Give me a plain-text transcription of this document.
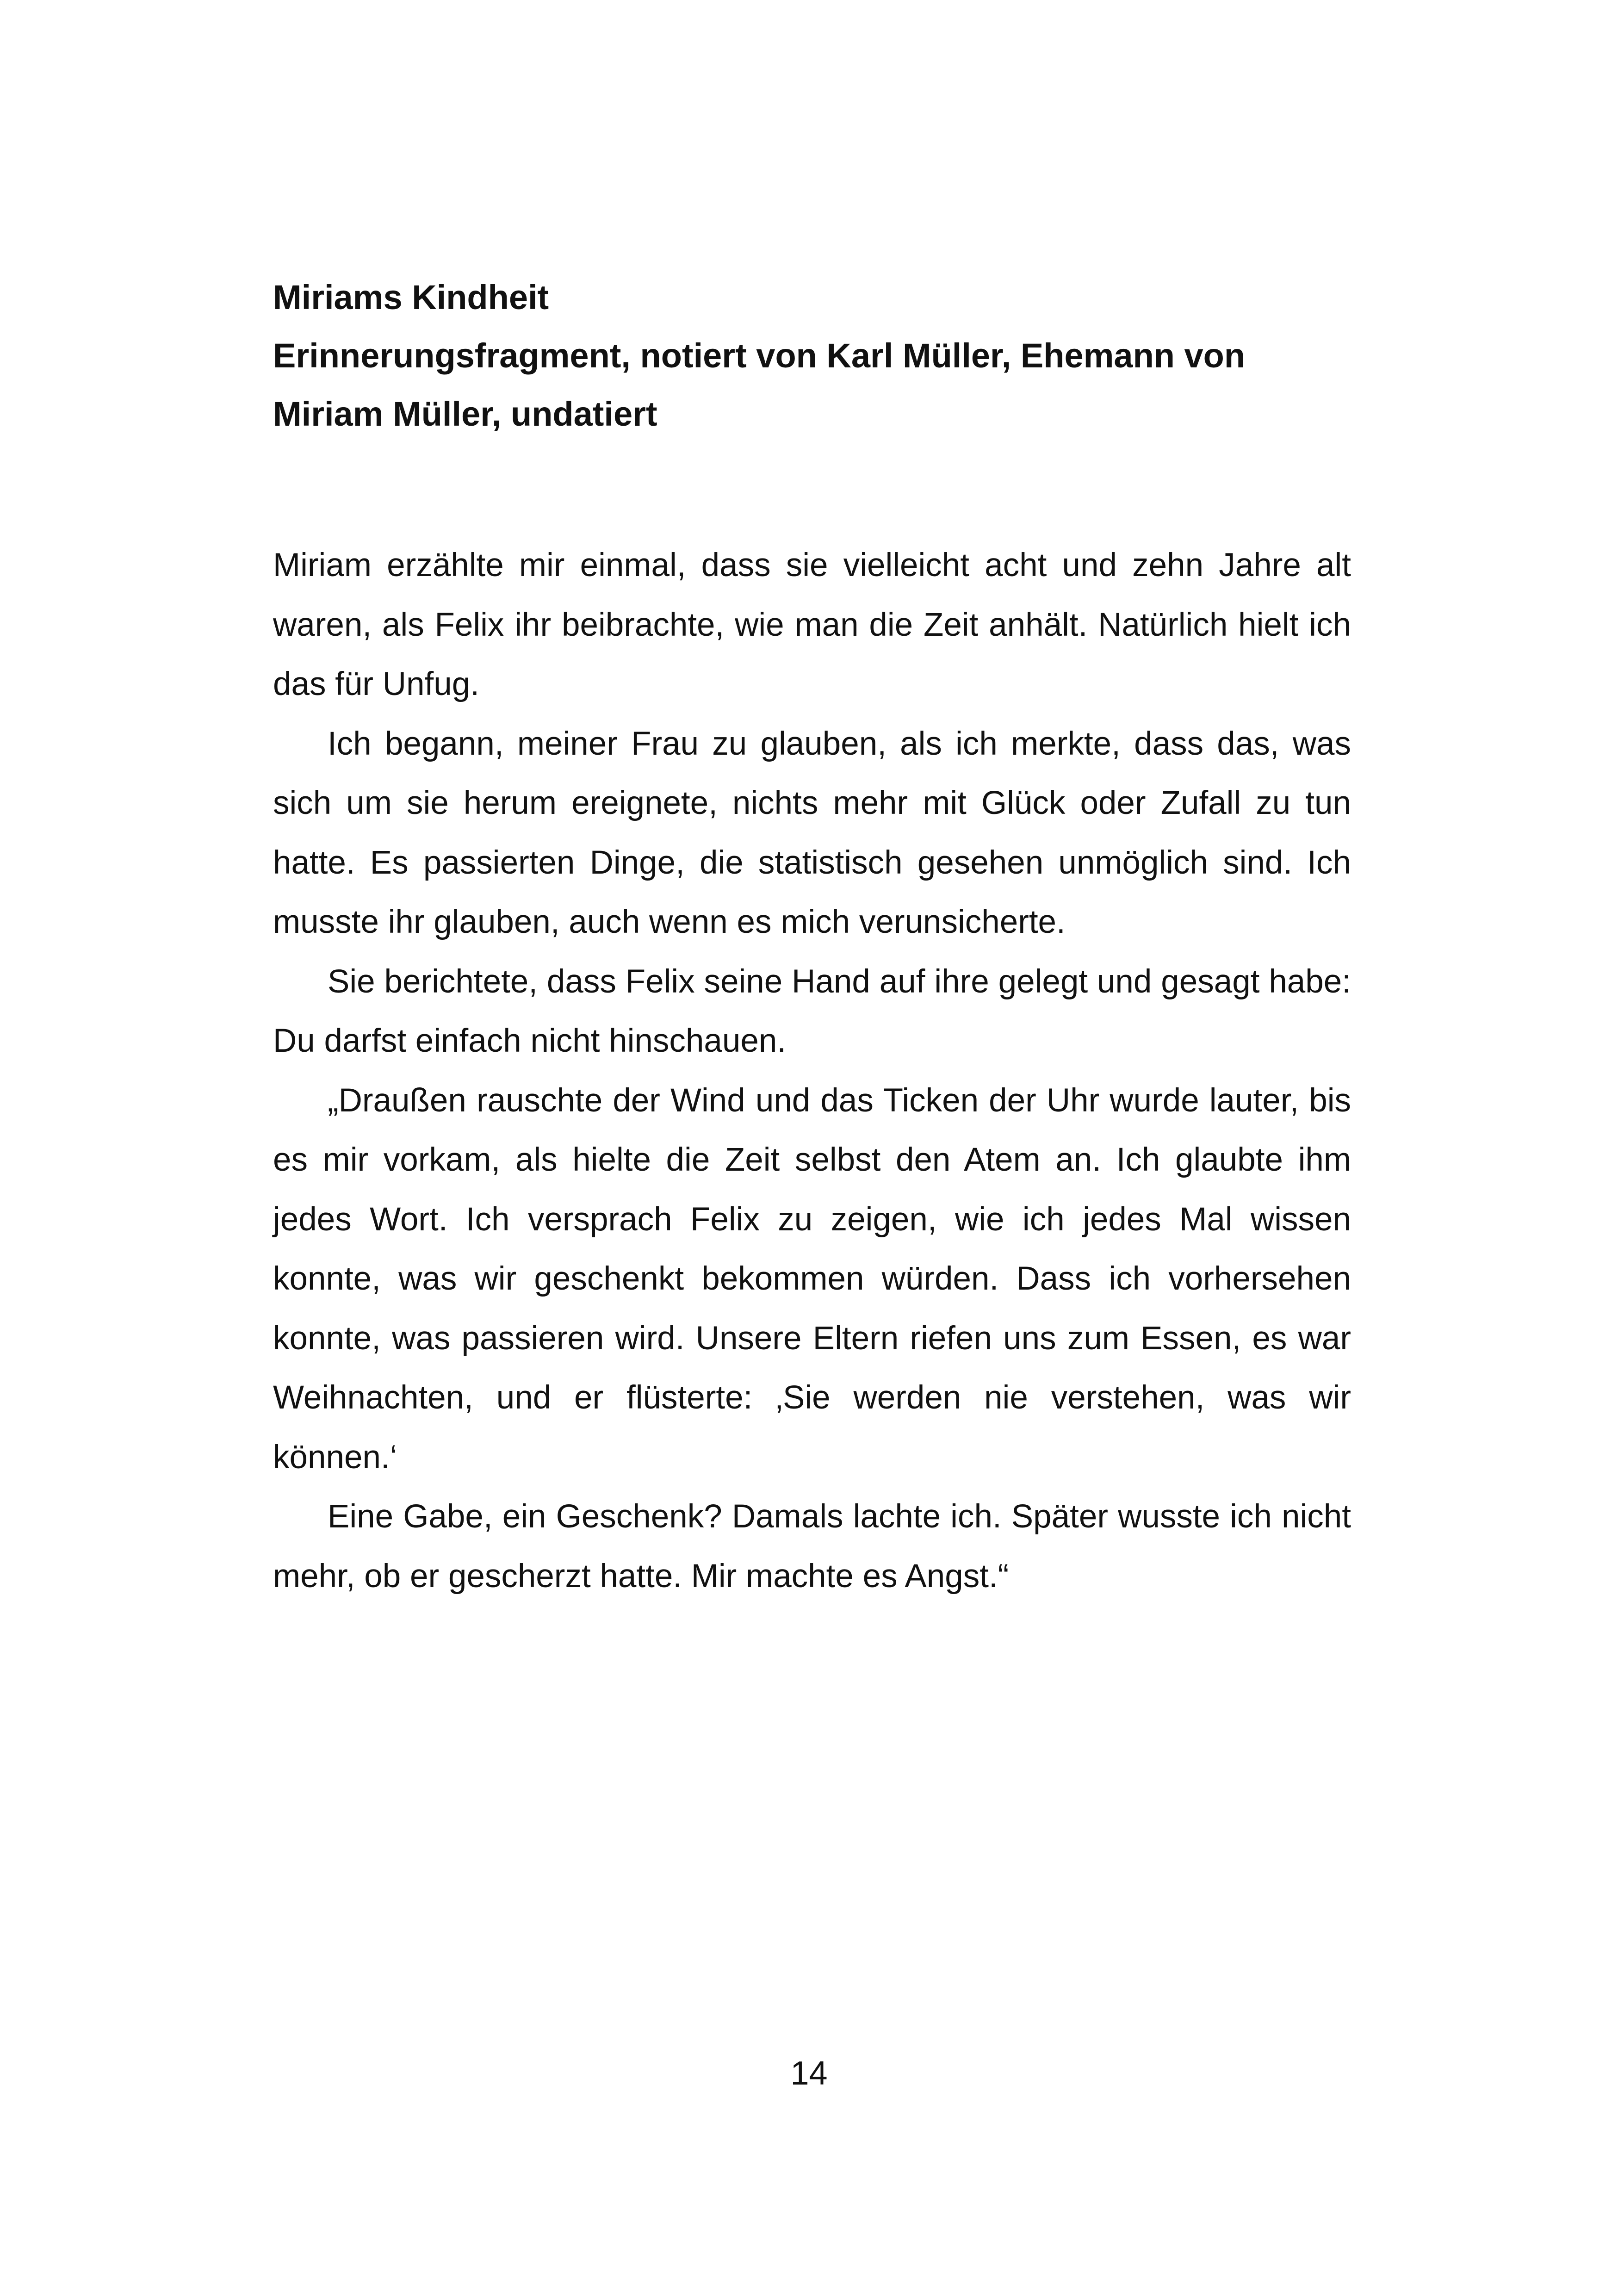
Miriams Kindheit
Erinnerungsfragment, notiert von Karl Müller, Ehemann von Miriam Müller, undatiert

Miriam erzählte mir einmal, dass sie vielleicht acht und zehn Jahre alt waren, als Felix ihr beibrachte, wie man die Zeit anhält. Natürlich hielt ich das für Unfug.

Ich begann, meiner Frau zu glauben, als ich merkte, dass das, was sich um sie herum ereignete, nichts mehr mit Glück oder Zufall zu tun hatte. Es passierten Dinge, die statistisch gesehen unmöglich sind. Ich musste ihr glauben, auch wenn es mich verunsicherte.

Sie berichtete, dass Felix seine Hand auf ihre gelegt und gesagt habe: Du darfst einfach nicht hinschauen.

„Draußen rauschte der Wind und das Ticken der Uhr wurde lauter, bis es mir vorkam, als hielte die Zeit selbst den Atem an. Ich glaubte ihm jedes Wort. Ich versprach Felix zu zeigen, wie ich jedes Mal wissen konnte, was wir geschenkt bekommen würden. Dass ich vorhersehen konnte, was passieren wird. Unsere Eltern riefen uns zum Essen, es war Weihnachten, und er flüsterte: ‚Sie werden nie verstehen, was wir können.‘

Eine Gabe, ein Geschenk? Damals lachte ich. Später wusste ich nicht mehr, ob er gescherzt hatte. Mir machte es Angst.“

14
